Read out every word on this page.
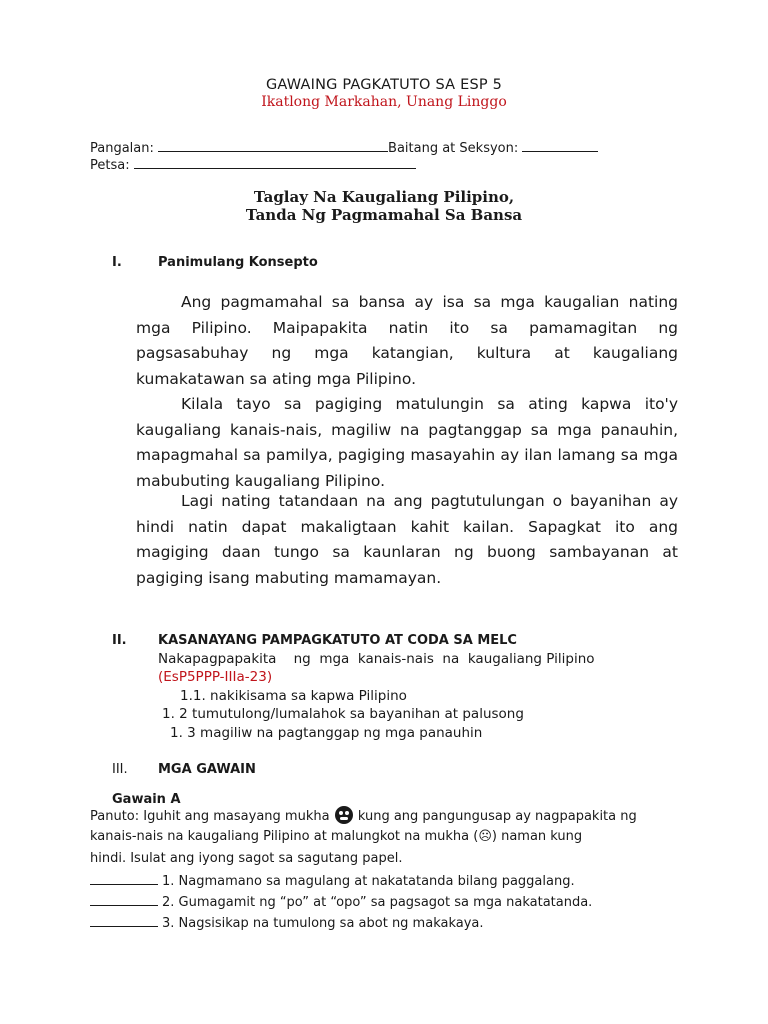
GAWAING PAGKATUTO SA ESP 5
Ikatlong Markahan, Unang Linggo
Pangalan:	Baitang at Seksyon:
Petsa:
Taglay Na Kaugaliang Pilipino,
Tanda Ng Pagmamahal Sa Bansa
I.	Panimulang Konsepto
Ang pagmamahal sa bansa ay isa sa mga kaugalian nating mga Pilipino. Maipapakita natin ito sa pamamagitan ng pagsasabuhay ng mga katangian, kultura at kaugaliang kumakatawan sa ating mga Pilipino.
Kilala tayo sa pagiging matulungin sa ating kapwa ito'y kaugaliang kanais-nais, magiliw na pagtanggap sa mga panauhin, mapagmahal sa pamilya, pagiging masayahin ay ilan lamang sa mga mabubuting kaugaliang Pilipino.
Lagi nating tatandaan na ang pagtutulungan o bayanihan ay hindi natin dapat makaligtaan kahit kailan. Sapagkat ito ang magiging daan tungo sa kaunlaran ng buong sambayanan at pagiging isang mabuting mamamayan.
II. KASANAYANG PAMPAGKATUTO AT CODA SA MELC
Nakapagpapakita    ng  mga  kanais-nais  na  kaugaliang Pilipino
(EsP5PPP-IIIa-23)
1.1. nakikisama sa kapwa Pilipino
1. 2 tumutulong/lumalahok sa bayanihan at palusong
1. 3 magiliw na pagtanggap ng mga panauhin
III. MGA GAWAIN
Gawain A
Panuto: Iguhit ang masayang mukha kung ang pangungusap ay nagpapakita ng
kanais-nais na kaugaliang Pilipino at malungkot na mukha (☹) naman kung
hindi. Isulat ang iyong sagot sa sagutang papel.
1. Nagmamano sa magulang at nakatatanda bilang paggalang.
2. Gumagamit ng “po” at “opo” sa pagsagot sa mga nakatatanda.
3. Nagsisikap na tumulong sa abot ng makakaya.
